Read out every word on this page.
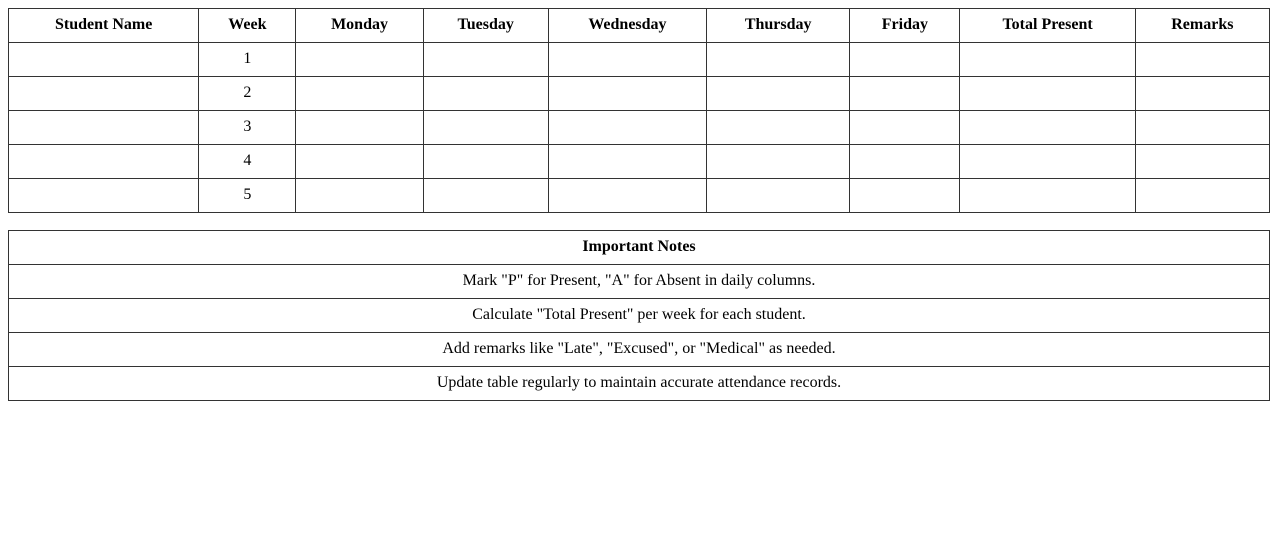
Student Name	Week	Monday	Tuesday	Wednesday	Thursday	Friday	Total Present	Remarks
	1							
	2							
	3							
	4							
	5							
Important Notes
Mark "P" for Present, "A" for Absent in daily columns.
Calculate "Total Present" per week for each student.
Add remarks like "Late", "Excused", or "Medical" as needed.
Update table regularly to maintain accurate attendance records.
